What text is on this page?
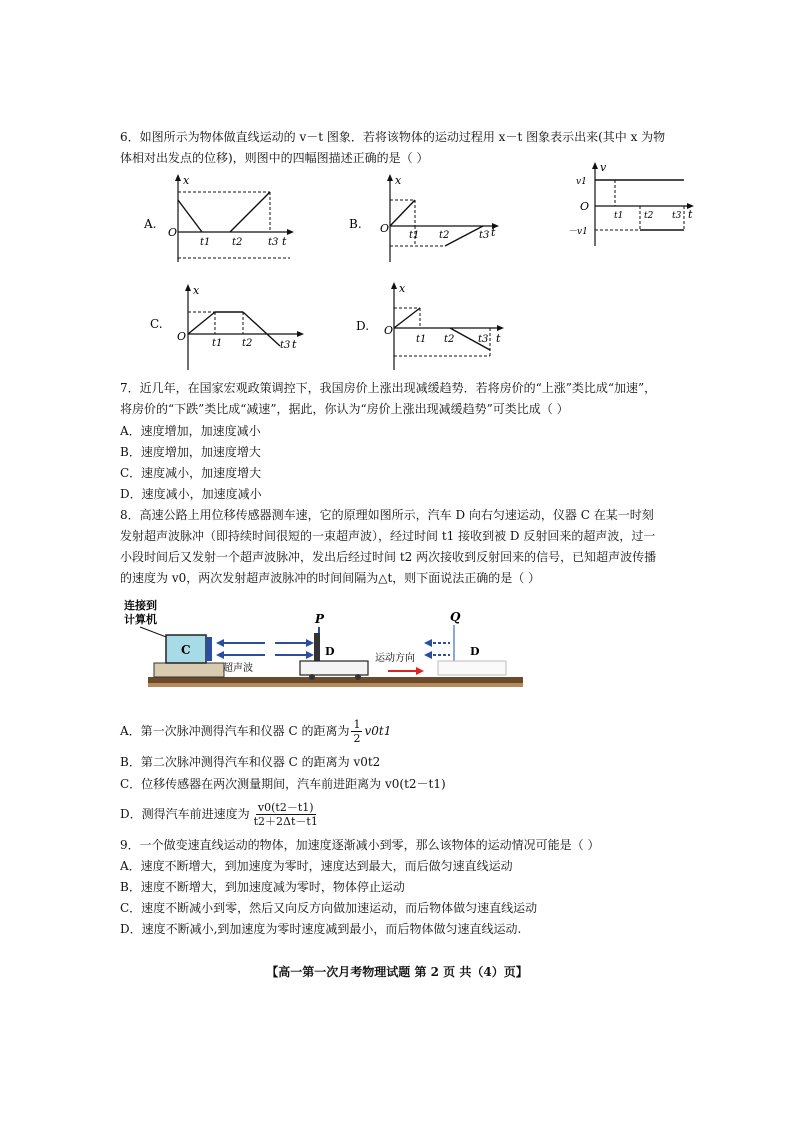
6．如图所示为物体做直线运动的 v－t 图象．若将该物体的运动过程用 x－t 图象表示出来(其中 x 为物
体相对出发点的位移)，则图中的四幅图描述正确的是（ ）
A.
x
O
t1 t2	t3 t
B.
x
O
t1 t2	t3 t
v
O
v1
－v1
t1 t2 t3 t
C.
x
O
t1 t2	t3 t
D.
x
O
t1 t2 t3 t
7．近几年，在国家宏观政策调控下，我国房价上涨出现减缓趋势．若将房价的“上涨”类比成“加速”，
将房价的“下跌”类比成“减速”，据此，你认为“房价上涨出现减缓趋势”可类比成（ ）
A．速度增加，加速度减小
B．速度增加，加速度增大
C．速度减小，加速度增大
D．速度减小，加速度减小
8．高速公路上用位移传感器测车速，它的原理如图所示，汽车 D 向右匀速运动，仪器 C 在某一时刻
发射超声波脉冲（即持续时间很短的一束超声波），经过时间 t1 接收到被 D 反射回来的超声波，过一
小段时间后又发射一个超声波脉冲，发出后经过时间 t2 两次接收到反射回来的信号，已知超声波传播
的速度为 v0，两次发射超声波脉冲的时间间隔为△t，则下面说法正确的是（ ）
连接到
计算机
C
超声波
P
D
运动方向
Q
D
A．第一次脉冲测得汽车和仪器 C 的距离为 $\frac{1}{2} v0t1$
B．第二次脉冲测得汽车和仪器 C 的距离为 v0t2
C．位移传感器在两次测量期间，汽车前进距离为 v0(t2－t1)
D．测得汽车前进速度为 $\frac{v0(t2-t1)}{t2+2\Delta t-t1}$
9．一个做变速直线运动的物体，加速度逐渐减小到零，那么该物体的运动情况可能是（ ）
A．速度不断增大，到加速度为零时，速度达到最大，而后做匀速直线运动
B．速度不断增大，到加速度减为零时，物体停止运动
C．速度不断减小到零，然后又向反方向做加速运动，而后物体做匀速直线运动
D．速度不断减小,到加速度为零时速度减到最小，而后物体做匀速直线运动.
【高一第一次月考物理试题 第 2 页 共（4）页】
